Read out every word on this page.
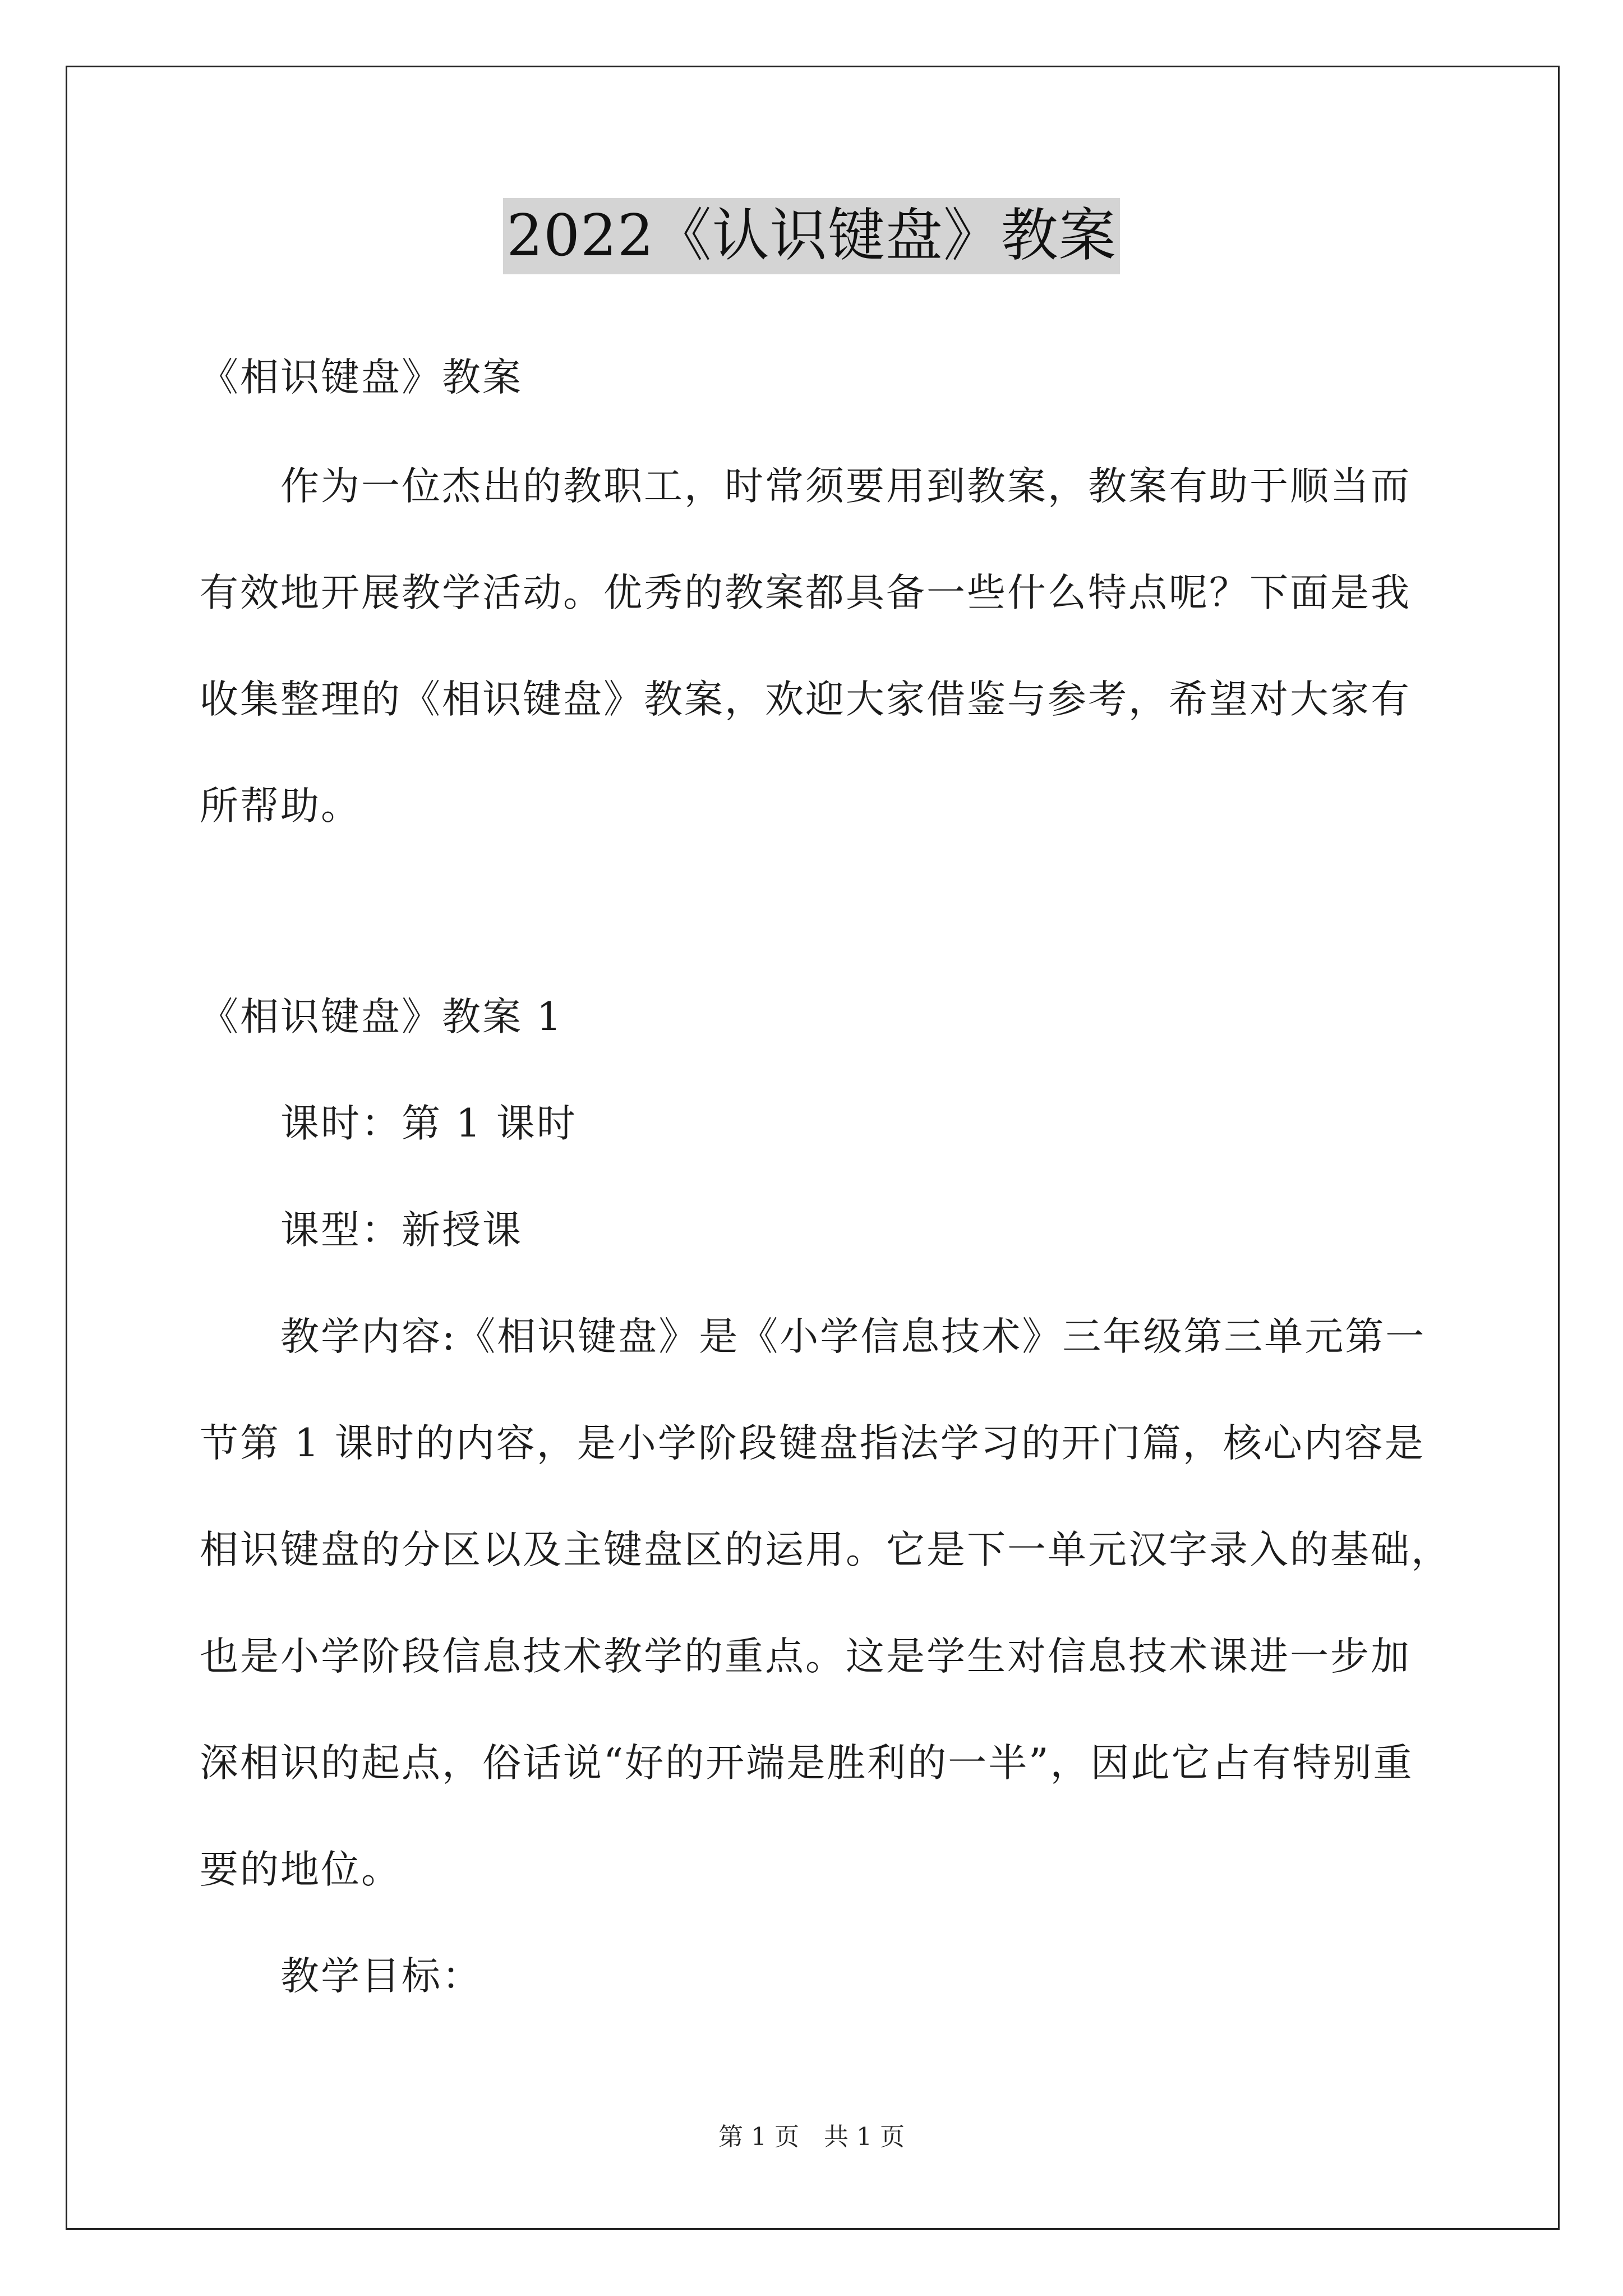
2022《认识键盘》教案
《相识键盘》教案
作为一位杰出的教职工，时常须要用到教案，教案有助于顺当而
有效地开展教学活动。优秀的教案都具备一些什么特点呢？下面是我
收集整理的《相识键盘》教案，欢迎大家借鉴与参考，希望对大家有
所帮助。
《相识键盘》教案 1
课时：第 1 课时
课型：新授课
教学内容:《相识键盘》是《小学信息技术》三年级第三单元第一
节第 1 课时的内容，是小学阶段键盘指法学习的开门篇，核心内容是
相识键盘的分区以及主键盘区的运用。它是下一单元汉字录入的基础，
也是小学阶段信息技术教学的重点。这是学生对信息技术课进一步加
深相识的起点，俗话说“好的开端是胜利的一半”，因此它占有特别重
要的地位。
教学目标：
第 1 页 共 1 页
